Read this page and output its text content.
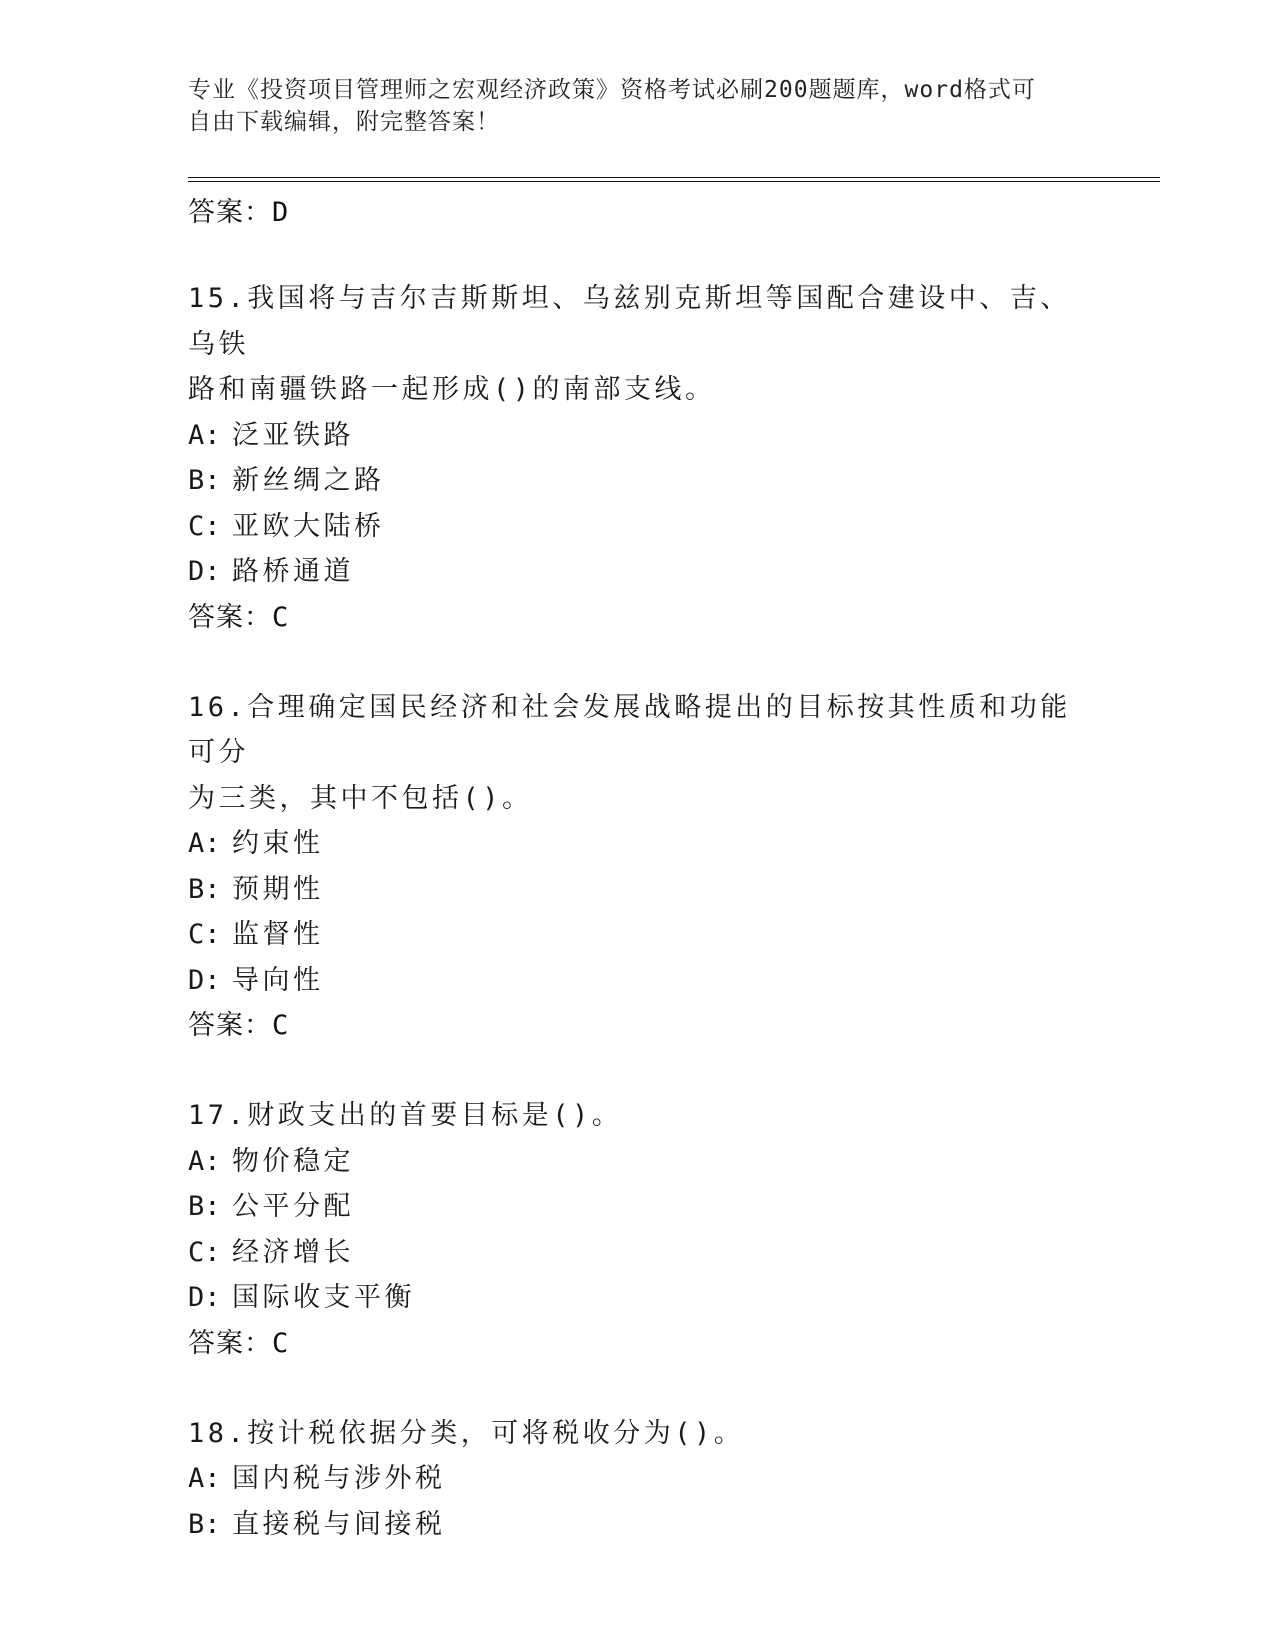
专业《投资项目管理师之宏观经济政策》资格考试必刷200题题库，word格式可
自由下载编辑，附完整答案！
答案：D
15.我国将与吉尔吉斯斯坦、乌兹别克斯坦等国配合建设中、吉、乌铁
路和南疆铁路一起形成()的南部支线。
A: 泛亚铁路
B: 新丝绸之路
C: 亚欧大陆桥
D: 路桥通道
答案：C
16.合理确定国民经济和社会发展战略提出的目标按其性质和功能可分
为三类，其中不包括()。
A: 约束性
B: 预期性
C: 监督性
D: 导向性
答案：C
17.财政支出的首要目标是()。
A: 物价稳定
B: 公平分配
C: 经济增长
D: 国际收支平衡
答案：C
18.按计税依据分类，可将税收分为()。
A: 国内税与涉外税
B: 直接税与间接税
